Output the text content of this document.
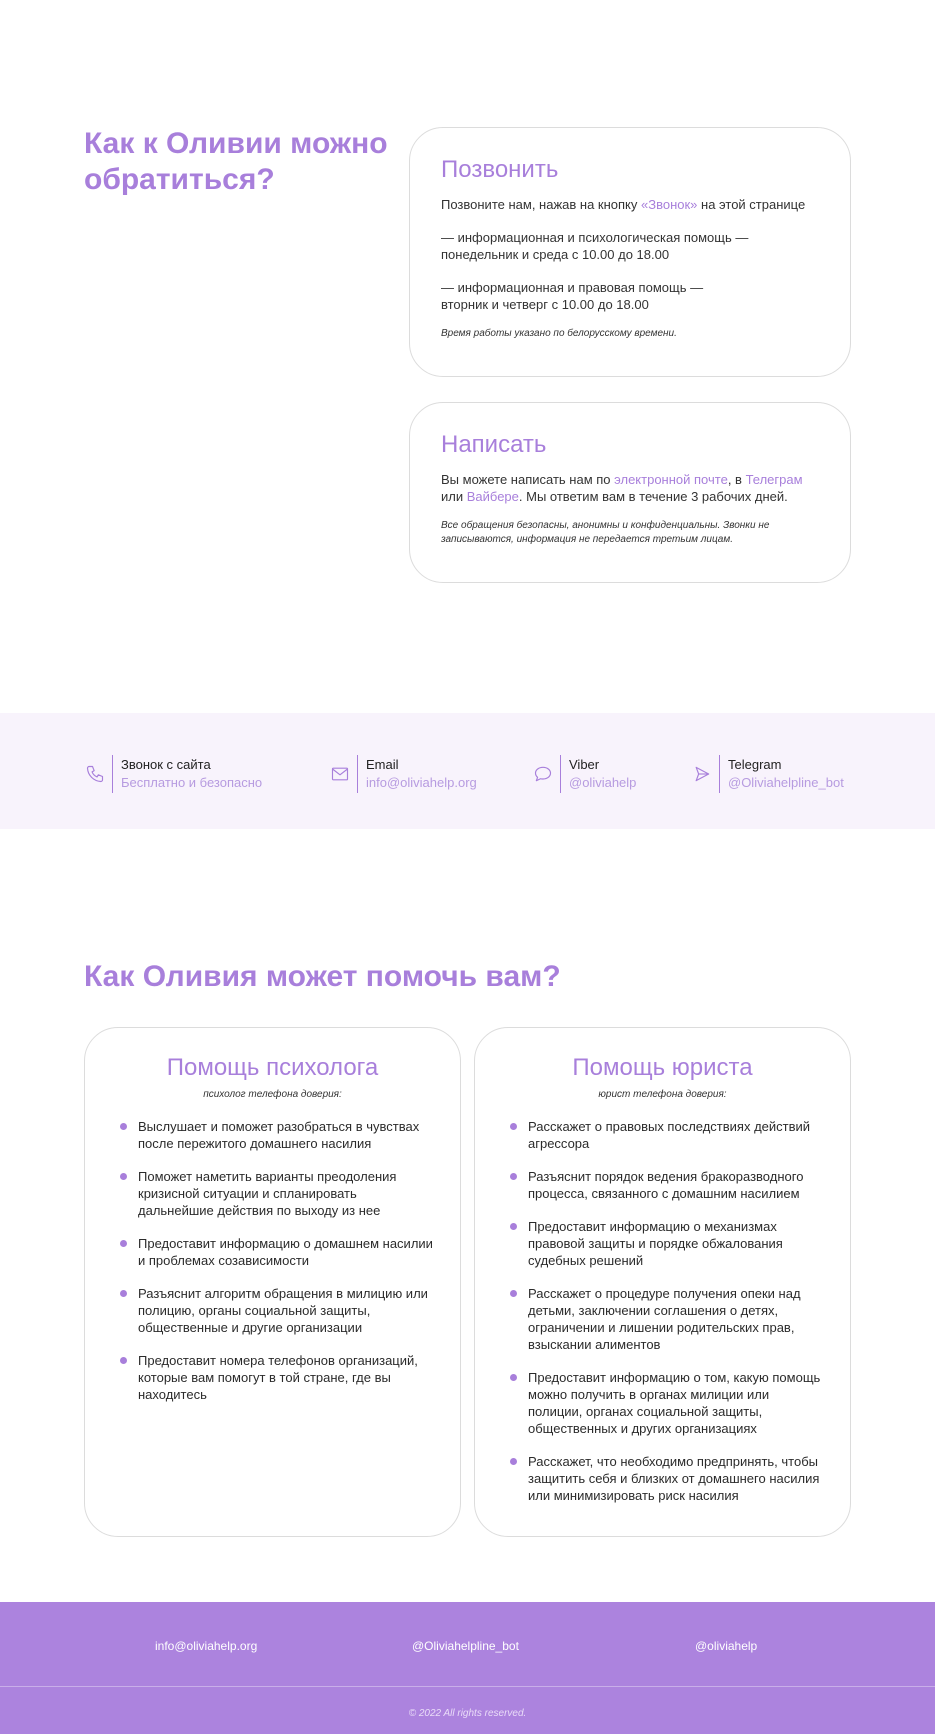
Как к Оливии можно обратиться?	Позвонить

Позвоните нам, нажав на кнопку «Звонок» на этой странице

— информационная и психологическая помощь —
понедельник и среда с 10.00 до 18.00

— информационная и правовая помощь —
вторник и четверг с 10.00 до 18.00

Время работы указано по белорусскому времени.

Написать

Вы можете написать нам по электронной почте, в Телеграм
или Вайбере. Мы ответим вам в течение 3 рабочих дней.

Все обращения безопасны, анонимны и конфиденциальны. Звонки не записываются, информация не передается третьим лицам.

Звонок с сайта
Бесплатно и безопасно
Email
info@oliviahelp.org
Viber
@oliviahelp
Telegram
@Oliviahelpline_bot
Как Оливия может помочь вам?
Помощь психолога
психолог телефона доверия:
Выслушает и поможет разобраться в чувствах после пережитого домашнего насилия
Поможет наметить варианты преодоления кризисной ситуации и спланировать дальнейшие действия по выходу из нее
Предоставит информацию о домашнем насилии и проблемах созависимости
Разъяснит алгоритм обращения в милицию или полицию, органы социальной защиты, общественные и другие организации
Предоставит номера телефонов организаций, которые вам помогут в той стране, где вы находитесь
Помощь юриста
юрист телефона доверия:
Расскажет о правовых последствиях действий агрессора
Разъяснит порядок ведения бракоразводного процесса, связанного с домашним насилием
Предоставит информацию о механизмах правовой защиты и порядке обжалования судебных решений
Расскажет о процедуре получения опеки над детьми, заключении соглашения о детях, ограничении и лишении родительских прав, взыскании алиментов
Предоставит информацию о том, какую помощь можно получить в органах милиции или полиции, органах социальной защиты, общественных и других организациях
Расскажет, что необходимо предпринять, чтобы защитить себя и близких от домашнего насилия или минимизировать риск насилия
info@oliviahelp.org	@Oliviahelpline_bot	@oliviahelp
© 2022 All rights reserved.
